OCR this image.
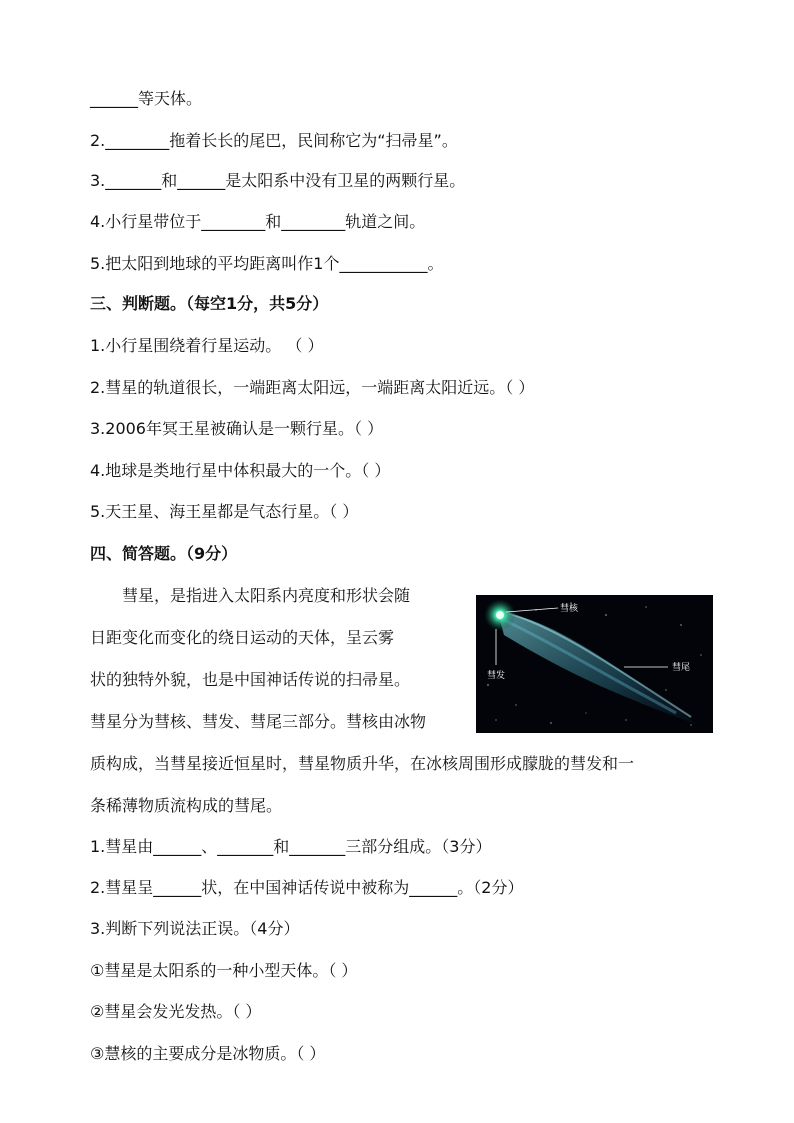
______等天体。
2.________拖着长长的尾巴，民间称它为“扫帚星”。
3._______和______是太阳系中没有卫星的两颗行星。
4.小行星带位于________和________轨道之间。
5.把太阳到地球的平均距离叫作1个___________。
三、判断题。（每空1分，共5分）
1.小行星围绕着行星运动。 （ ）
2.彗星的轨道很长，一端距离太阳远，一端距离太阳近远。（ ）
3.2006年冥王星被确认是一颗行星。（ ）
4.地球是类地行星中体积最大的一个。（ ）
5.天王星、海王星都是气态行星。（ ）
四、简答题。（9分）
　　彗星，是指进入太阳系内亮度和形状会随
日距变化而变化的绕日运动的天体，呈云雾
状的独特外貌，也是中国神话传说的扫帚星。
彗星分为彗核、彗发、彗尾三部分。彗核由冰物
质构成，当彗星接近恒星时，彗星物质升华，在冰核周围形成朦胧的彗发和一
条稀薄物质流构成的彗尾。
彗核
彗尾
彗发
1.彗星由______、_______和_______三部分组成。（3分）
2.彗星呈______状，在中国神话传说中被称为______。（2分）
3.判断下列说法正误。（4分）
①彗星是太阳系的一种小型天体。（ ）
②彗星会发光发热。（ ）
③慧核的主要成分是冰物质。（ ）
